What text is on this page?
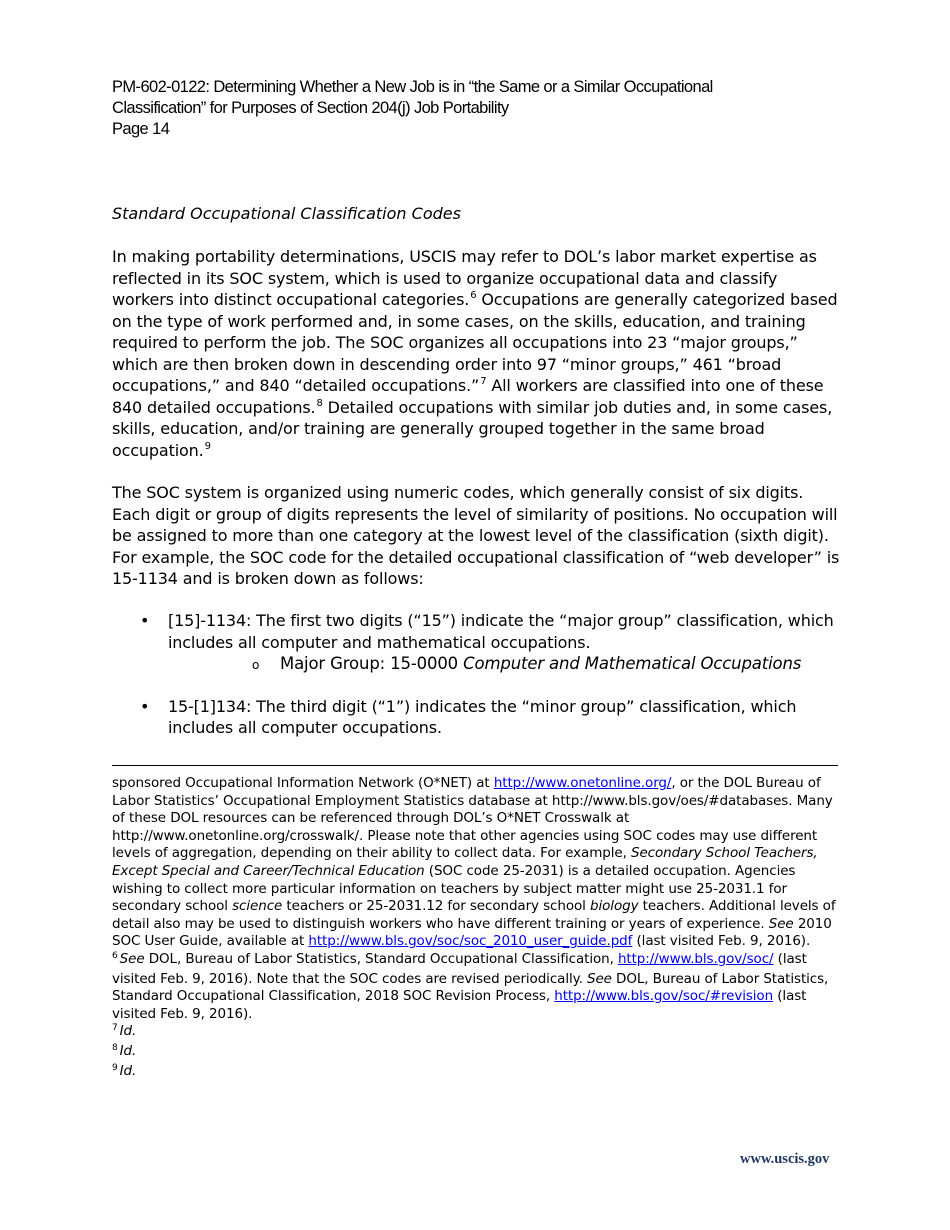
PM-602-0122: Determining Whether a New Job is in “the Same or a Similar Occupational
Classification” for Purposes of Section 204(j) Job Portability
Page 14
Standard Occupational Classification Codes
In making portability determinations, USCIS may refer to DOL’s labor market expertise as reflected in its SOC system, which is used to organize occupational data and classify workers into distinct occupational categories.$^6$ Occupations are generally categorized based on the type of work performed and, in some cases, on the skills, education, and training required to perform the job. The SOC organizes all occupations into 23 “major groups,” which are then broken down in descending order into 97 “minor groups,” 461 “broad occupations,” and 840 “detailed occupations.”$^7$ All workers are classified into one of these 840 detailed occupations.$^8$ Detailed occupations with similar job duties and, in some cases, skills, education, and/or training are generally grouped together in the same broad occupation.$^9$
The SOC system is organized using numeric codes, which generally consist of six digits. Each digit or group of digits represents the level of similarity of positions. No occupation will be assigned to more than one category at the lowest level of the classification (sixth digit). For example, the SOC code for the detailed occupational classification of “web developer” is 15-1134 and is broken down as follows:
• [15]-1134: The first two digits (“15”) indicate the “major group” classification, which includes all computer and mathematical occupations.
o Major Group: 15-0000 Computer and Mathematical Occupations
• 15-[1]134: The third digit (“1”) indicates the “minor group” classification, which includes all computer occupations.
sponsored Occupational Information Network (O*NET) at http://www.onetonline.org/, or the DOL Bureau of Labor Statistics’ Occupational Employment Statistics database at http://www.bls.gov/oes/#databases. Many of these DOL resources can be referenced through DOL’s O*NET Crosswalk at http://www.onetonline.org/crosswalk/. Please note that other agencies using SOC codes may use different levels of aggregation, depending on their ability to collect data. For example, Secondary School Teachers, Except Special and Career/Technical Education (SOC code 25-2031) is a detailed occupation. Agencies wishing to collect more particular information on teachers by subject matter might use 25-2031.1 for secondary school science teachers or 25-2031.12 for secondary school biology teachers. Additional levels of detail also may be used to distinguish workers who have different training or years of experience. See 2010 SOC User Guide, available at http://www.bls.gov/soc/soc_2010_user_guide.pdf (last visited Feb. 9, 2016).
$^6$ See DOL, Bureau of Labor Statistics, Standard Occupational Classification, http://www.bls.gov/soc/ (last visited Feb. 9, 2016). Note that the SOC codes are revised periodically. See DOL, Bureau of Labor Statistics, Standard Occupational Classification, 2018 SOC Revision Process, http://www.bls.gov/soc/#revision (last visited Feb. 9, 2016).
$^7$ Id.
$^8$ Id.
$^9$ Id.
www.uscis.gov
